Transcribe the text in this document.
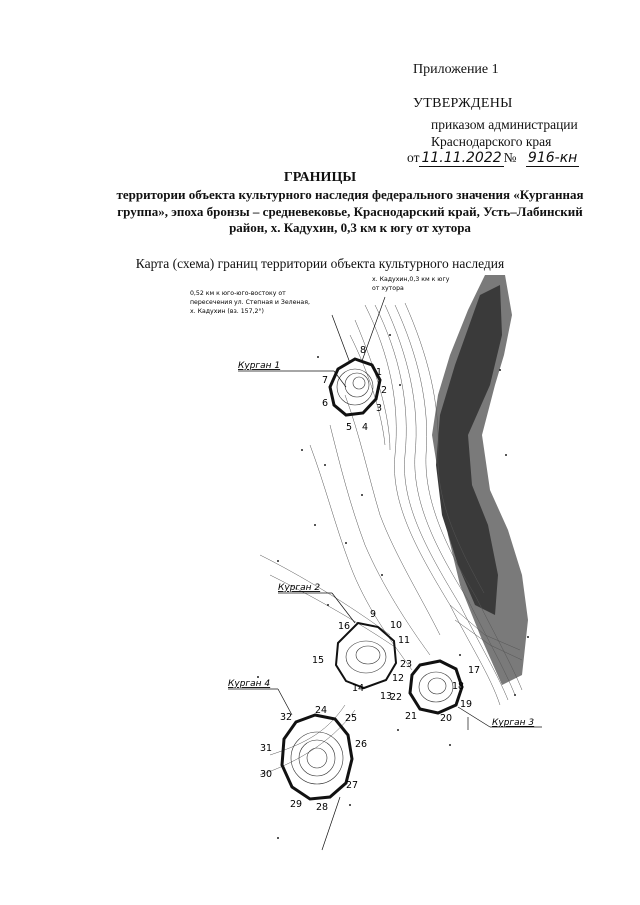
Приложение 1
УТВЕРЖДЕНЫ
приказом администрации
Краснодарского края
от 11.11.2022 № 916-кн
ГРАНИЦЫ
территории объекта культурного наследия федерального значения «Курганная группа», эпоха бронзы – средневековье, Краснодарский край, Усть–Лабинский район, х. Кадухин, 0,3 км к югу от хутора
Карта (схема) границ территории объекта культурного наследия
0,52 км к юго-юго-востоку от
пересечения ул. Степная и Зеленая,
х. Кадухин (вз. 157,2°)
х. Кадухин,0,3 км к югу
от хутора
Курган 1
Курган 2
Курган 3
Курган 4
1
2
3
4
5
6
7
8
9
10
11
12
13
14
15
16
17
18
19
20
21
22
23
24
25
26
27
28
29
30
31
32
